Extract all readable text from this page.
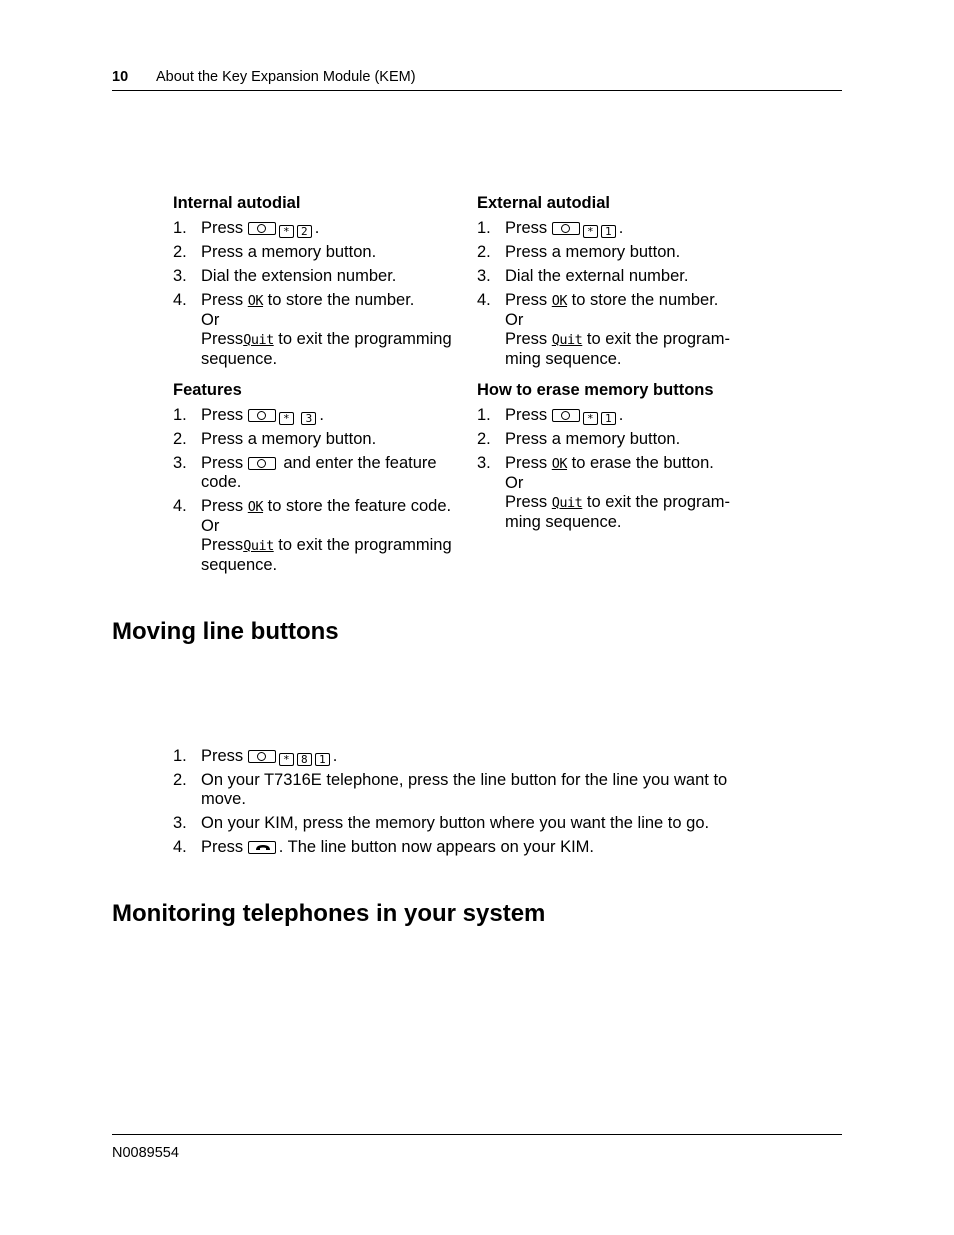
10 About the Key Expansion Module (KEM)
Internal autodial
1. Press	* 2 .
2. Press a memory button.
3. Dial the extension number.
4. Press OK to store the number.
Or
PressQuit to exit the programming
sequence.
External autodial
1. Press	* 1 .
2. Press a memory button.
3. Dial the external number.
4. Press OK to store the number.
Or
Press Quit to exit the program-
ming sequence.
Features
1. Press	* 3 .
2. Press a memory button.
3. Press and enter the feature
code.
4. Press OK to store the feature code.
Or
PressQuit to exit the programming
sequence.
How to erase memory buttons
1. Press	* 1 .
2. Press a memory button.
3. Press OK to erase the button.
Or
Press Quit to exit the program-
ming sequence.
Moving line buttons
1. Press	* 8 1 .
2. On your T7316E telephone, press the line button for the line you want to
move.
3. On your KIM, press the memory button where you want the line to go.
4. Press . The line button now appears on your KIM.
Monitoring telephones in your system
N0089554
